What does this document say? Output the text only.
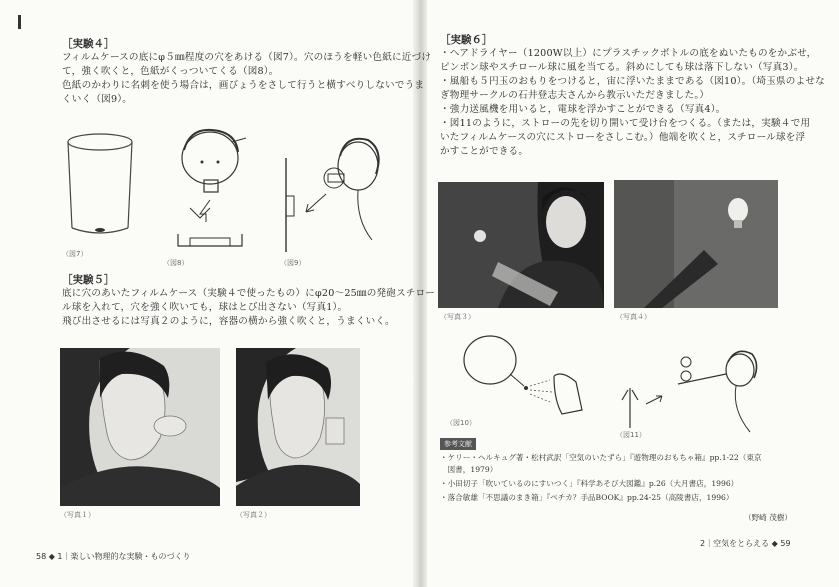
［実験４］
フィルムケースの底にφ５㎜程度の穴をあける（図7）。穴のほうを軽い色紙に近づけ
て，強く吹くと，色紙がくっついてくる（図8）。
色紙のかわりに名刺を使う場合は，画びょうをさして行うと横すべりしないでうま
くいく（図9）。
（図7）
（図8）	（図9）
［実験５］
底に穴のあいたフィルムケース（実験４で使ったもの）にφ20〜25㎜の発砲スチロー
ル球を入れて，穴を強く吹いても，球はとび出さない（写真1）。
飛び出させるには写真２のように，容器の横から強く吹くと，うまくいく。
（写真１）	（写真２）
58 ◆ 1｜楽しい物理的な実験・ものづくり
［実験６］
・ヘアドライヤー（1200W以上）にプラスチックボトルの底をぬいたものをかぶせ，
ピンポン球やスチロール球に風を当てる。斜めにしても球は落下しない（写真3）。
・風船も５円玉のおもりをつけると，宙に浮いたままである（図10）。（埼玉県のよせな
ぎ物理サークルの石井登志夫さんから教示いただきました。）
・強力送風機を用いると，電球を浮かすことができる（写真4）。
・図11のように，ストローの先を切り開いて受け台をつくる。（または，実験４で用
いたフィルムケースの穴にストローをさしこむ。）他端を吹くと，スチロール球を浮
かすことができる。
（写真３）	（写真４）
（図10）
（図11）
参考文献
・ケリー・ヘルキュグ著・松村武訳「空気のいたずら」『遊物理のおもちゃ箱』pp.1-22（東京
　図書，1979）
・小田切子「吹いているのにすいつく」『科学あそび大図鑑』p.26（大月書店，1996）
・落合敏雄「不思議のまき箱」『ペチカ？手品BOOK』pp.24-25（高陵書店，1996）
（野崎 茂樹）
2｜空気をとらえる ◆ 59
